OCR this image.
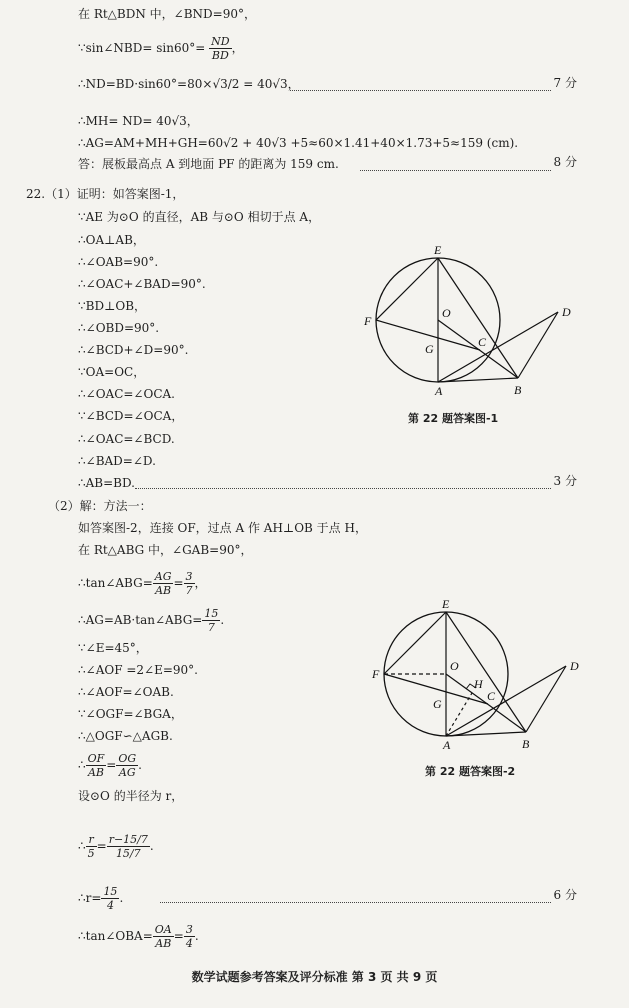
在 Rt△BDN 中，∠BND=90°，
∵sin∠NBD= $\sin 60^\circ= \frac{ND}{BD}$ ，
∴ND=BD·sin60°=80×√3/2 = 40√3，	7 分
∴MH= ND= 40√3，
∴AG=AM+MH+GH=60√2 + 40√3 +5≈60×1.41+40×1.73+5≈159 (cm).
答：展板最高点 A 到地面 PF 的距离为 159 cm.	8 分
22.（1）证明：如答案图-1，
∵AE 为⊙O 的直径，AB 与⊙O 相切于点 A，
∴OA⊥AB，
∴∠OAB=90°.
∴∠OAC+∠BAD=90°.
∵BD⊥OB，
∴∠OBD=90°.
∴∠BCD+∠D=90°.
∵OA=OC，
∴∠OAC=∠OCA.
∵∠BCD=∠OCA，
∴∠OAC=∠BCD.
∴∠BAD=∠D.
∴AB=BD.	3 分
E
O
F
G	C
D
A	B
第 22 题答案图-1
（2）解：方法一：
如答案图-2，连接 OF，过点 A 作 AH⊥OB 于点 H，
在 Rt△ABG 中，∠GAB=90°，
∴tan∠ABG= $\frac{AG}{AB} = \frac{3}{7}$ ，
∴AG=AB·tan∠ABG= $\frac{15}{7}$ .
∵∠E=45°，
∴∠AOF =2∠E=90°.
∴∠AOF=∠OAB.
∵∠OGF=∠BGA，
∴△OGF∽△AGB.
∴ $\frac{OF}{AB} = \frac{OG}{AG}$ .
设⊙O 的半径为 r，
∴ $\frac{r}{5} = \frac{r-15/7}{15/7}$ .
∴r= $\frac{15}{4}$ .	6 分
∴tan∠OBA= $\frac{OA}{AB} = \frac{3}{4}$ .
E
O
F
G
H
C
D
A	B
第 22 题答案图-2
数学试题参考答案及评分标准 第 3 页 共 9 页
